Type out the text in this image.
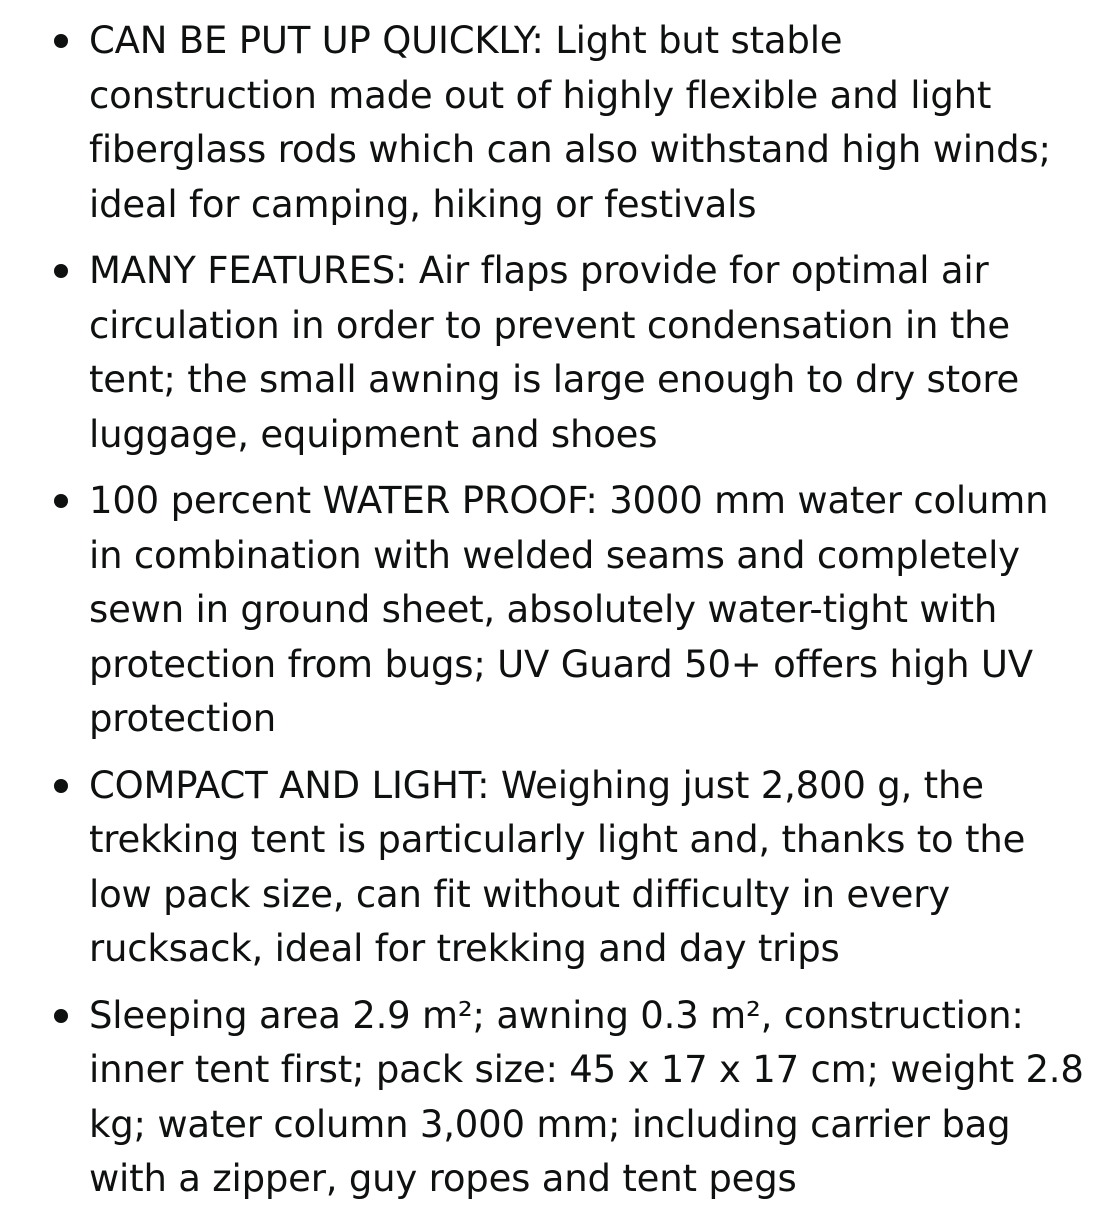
CAN BE PUT UP QUICKLY: Light but stable
construction made out of highly flexible and light
fiberglass rods which can also withstand high winds;
ideal for camping, hiking or festivals
MANY FEATURES: Air flaps provide for optimal air
circulation in order to prevent condensation in the
tent; the small awning is large enough to dry store
luggage, equipment and shoes
100 percent WATER PROOF: 3000 mm water column
in combination with welded seams and completely
sewn in ground sheet, absolutely water-tight with
protection from bugs; UV Guard 50+ offers high UV
protection
COMPACT AND LIGHT: Weighing just 2,800 g, the
trekking tent is particularly light and, thanks to the
low pack size, can fit without difficulty in every
rucksack, ideal for trekking and day trips
Sleeping area 2.9 m²; awning 0.3 m², construction:
inner tent first; pack size: 45 x 17 x 17 cm; weight 2.8
kg; water column 3,000 mm; including carrier bag
with a zipper, guy ropes and tent pegs
